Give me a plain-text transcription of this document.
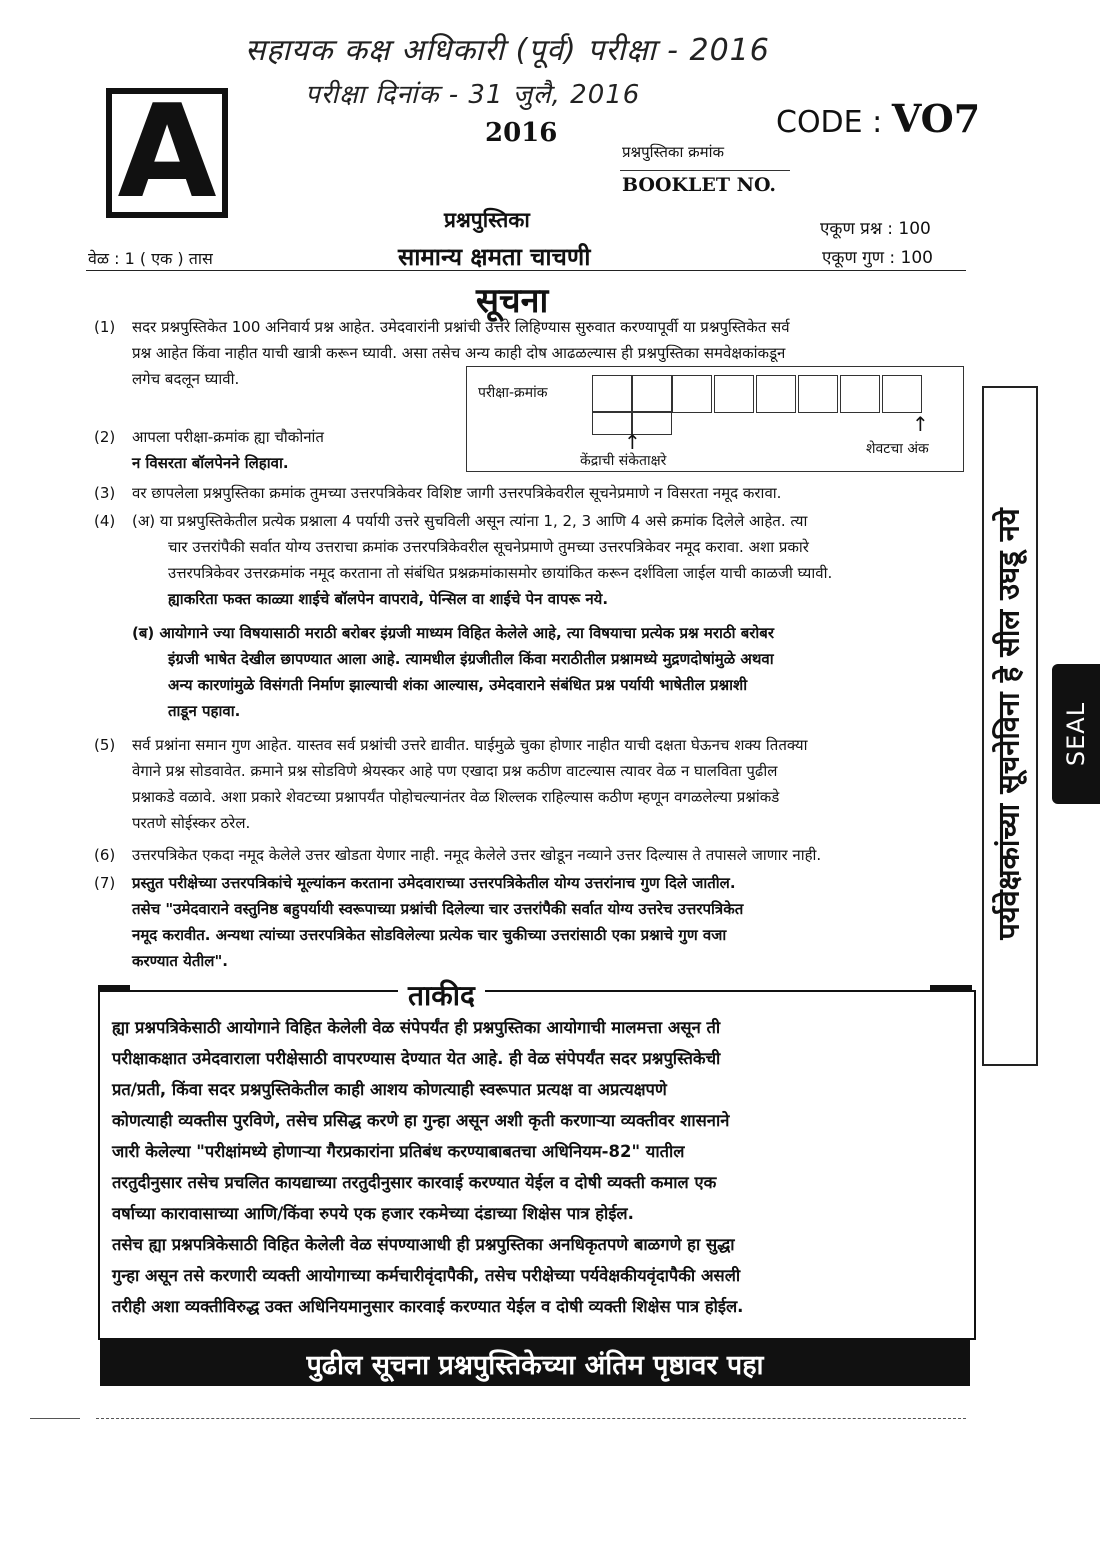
सहायक कक्ष अधिकारी (पूर्व) परीक्षा - 2016
परीक्षा दिनांक - 31 जुलै, 2016
A	2016	CODE : VO7
प्रश्नपुस्तिका क्रमांक
BOOKLET NO.
प्रश्नपुस्तिका	एकूण प्रश्न : 100
वेळ : 1 ( एक ) तास	सामान्य क्षमता चाचणी	एकूण गुण : 100
सूचना
(1) सदर प्रश्नपुस्तिकेत 100 अनिवार्य प्रश्न आहेत. उमेदवारांनी प्रश्नांची उत्तरे लिहिण्यास सुरुवात करण्यापूर्वी या प्रश्नपुस्तिकेत सर्व
प्रश्न आहेत किंवा नाहीत याची खात्री करून घ्यावी. असा तसेच अन्य काही दोष आढळल्यास ही प्रश्नपुस्तिका समवेक्षकांकडून
लगेच बदलून घ्यावी.
(2) आपला परीक्षा-क्रमांक ह्या चौकोनांत
न विसरता बॉलपेनने लिहावा.
परीक्षा-क्रमांक
↑
↑
केंद्राची संकेताक्षरे
शेवटचा अंक
(3) वर छापलेला प्रश्नपुस्तिका क्रमांक तुमच्या उत्तरपत्रिकेवर विशिष्ट जागी उत्तरपत्रिकेवरील सूचनेप्रमाणे न विसरता नमूद करावा.
(4) (अ) या प्रश्नपुस्तिकेतील प्रत्येक प्रश्नाला 4 पर्यायी उत्तरे सुचविली असून त्यांना 1, 2, 3 आणि 4 असे क्रमांक दिलेले आहेत. त्या
चार उत्तरांपैकी सर्वात योग्य उत्तराचा क्रमांक उत्तरपत्रिकेवरील सूचनेप्रमाणे तुमच्या उत्तरपत्रिकेवर नमूद करावा. अशा प्रकारे
उत्तरपत्रिकेवर उत्तरक्रमांक नमूद करताना तो संबंधित प्रश्नक्रमांकासमोर छायांकित करून दर्शविला जाईल याची काळजी घ्यावी.
ह्याकरिता फक्त काळ्या शाईचे बॉलपेन वापरावे, पेन्सिल वा शाईचे पेन वापरू नये.
(ब) आयोगाने ज्या विषयासाठी मराठी बरोबर इंग्रजी माध्यम विहित केलेले आहे, त्या विषयाचा प्रत्येक प्रश्न मराठी बरोबर
इंग्रजी भाषेत देखील छापण्यात आला आहे. त्यामधील इंग्रजीतील किंवा मराठीतील प्रश्नामध्ये मुद्रणदोषांमुळे अथवा
अन्य कारणांमुळे विसंगती निर्माण झाल्याची शंका आल्यास, उमेदवाराने संबंधित प्रश्न पर्यायी भाषेतील प्रश्नाशी
ताडून पहावा.
(5) सर्व प्रश्नांना समान गुण आहेत. यास्तव सर्व प्रश्नांची उत्तरे द्यावीत. घाईमुळे चुका होणार नाहीत याची दक्षता घेऊनच शक्य तितक्या
वेगाने प्रश्न सोडवावेत. क्रमाने प्रश्न सोडविणे श्रेयस्कर आहे पण एखादा प्रश्न कठीण वाटल्यास त्यावर वेळ न घालविता पुढील
प्रश्नाकडे वळावे. अशा प्रकारे शेवटच्या प्रश्नापर्यंत पोहोचल्यानंतर वेळ शिल्लक राहिल्यास कठीण म्हणून वगळलेल्या प्रश्नांकडे
परतणे सोईस्कर ठरेल.
(6) उत्तरपत्रिकेत एकदा नमूद केलेले उत्तर खोडता येणार नाही. नमूद केलेले उत्तर खोडून नव्याने उत्तर दिल्यास ते तपासले जाणार नाही.
(7) प्रस्तुत परीक्षेच्या उत्तरपत्रिकांचे मूल्यांकन करताना उमेदवाराच्या उत्तरपत्रिकेतील योग्य उत्तरांनाच गुण दिले जातील.
तसेच "उमेदवाराने वस्तुनिष्ठ बहुपर्यायी स्वरूपाच्या प्रश्नांची दिलेल्या चार उत्तरांपैकी सर्वात योग्य उत्तरेच उत्तरपत्रिकेत
नमूद करावीत. अन्यथा त्यांच्या उत्तरपत्रिकेत सोडविलेल्या प्रत्येक चार चुकीच्या उत्तरांसाठी एका प्रश्नाचे गुण वजा
करण्यात येतील".
ताकीद
ह्या प्रश्नपत्रिकेसाठी आयोगाने विहित केलेली वेळ संपेपर्यंत ही प्रश्नपुस्तिका आयोगाची मालमत्ता असून ती
परीक्षाकक्षात उमेदवाराला परीक्षेसाठी वापरण्यास देण्यात येत आहे. ही वेळ संपेपर्यंत सदर प्रश्नपुस्तिकेची
प्रत/प्रती, किंवा सदर प्रश्नपुस्तिकेतील काही आशय कोणत्याही स्वरूपात प्रत्यक्ष वा अप्रत्यक्षपणे
कोणत्याही व्यक्तीस पुरविणे, तसेच प्रसिद्ध करणे हा गुन्हा असून अशी कृती करणाऱ्या व्यक्तीवर शासनाने
जारी केलेल्या "परीक्षांमध्ये होणाऱ्या गैरप्रकारांना प्रतिबंध करण्याबाबतचा अधिनियम-82" यातील
तरतुदीनुसार तसेच प्रचलित कायद्याच्या तरतुदीनुसार कारवाई करण्यात येईल व दोषी व्यक्ती कमाल एक
वर्षाच्या कारावासाच्या आणि/किंवा रुपये एक हजार रकमेच्या दंडाच्या शिक्षेस पात्र होईल.
तसेच ह्या प्रश्नपत्रिकेसाठी विहित केलेली वेळ संपण्याआधी ही प्रश्नपुस्तिका अनधिकृतपणे बाळगणे हा सुद्धा
गुन्हा असून तसे करणारी व्यक्ती आयोगाच्या कर्मचारीवृंदापैकी, तसेच परीक्षेच्या पर्यवेक्षकीयवृंदापैकी असली
तरीही अशा व्यक्तीविरुद्ध उक्त अधिनियमानुसार कारवाई करण्यात येईल व दोषी व्यक्ती शिक्षेस पात्र होईल.
पुढील सूचना प्रश्नपुस्तिकेच्या अंतिम पृष्ठावर पहा
पर्यवेक्षकांच्या सूचनेविना हे सील उघडू नये SEAL
